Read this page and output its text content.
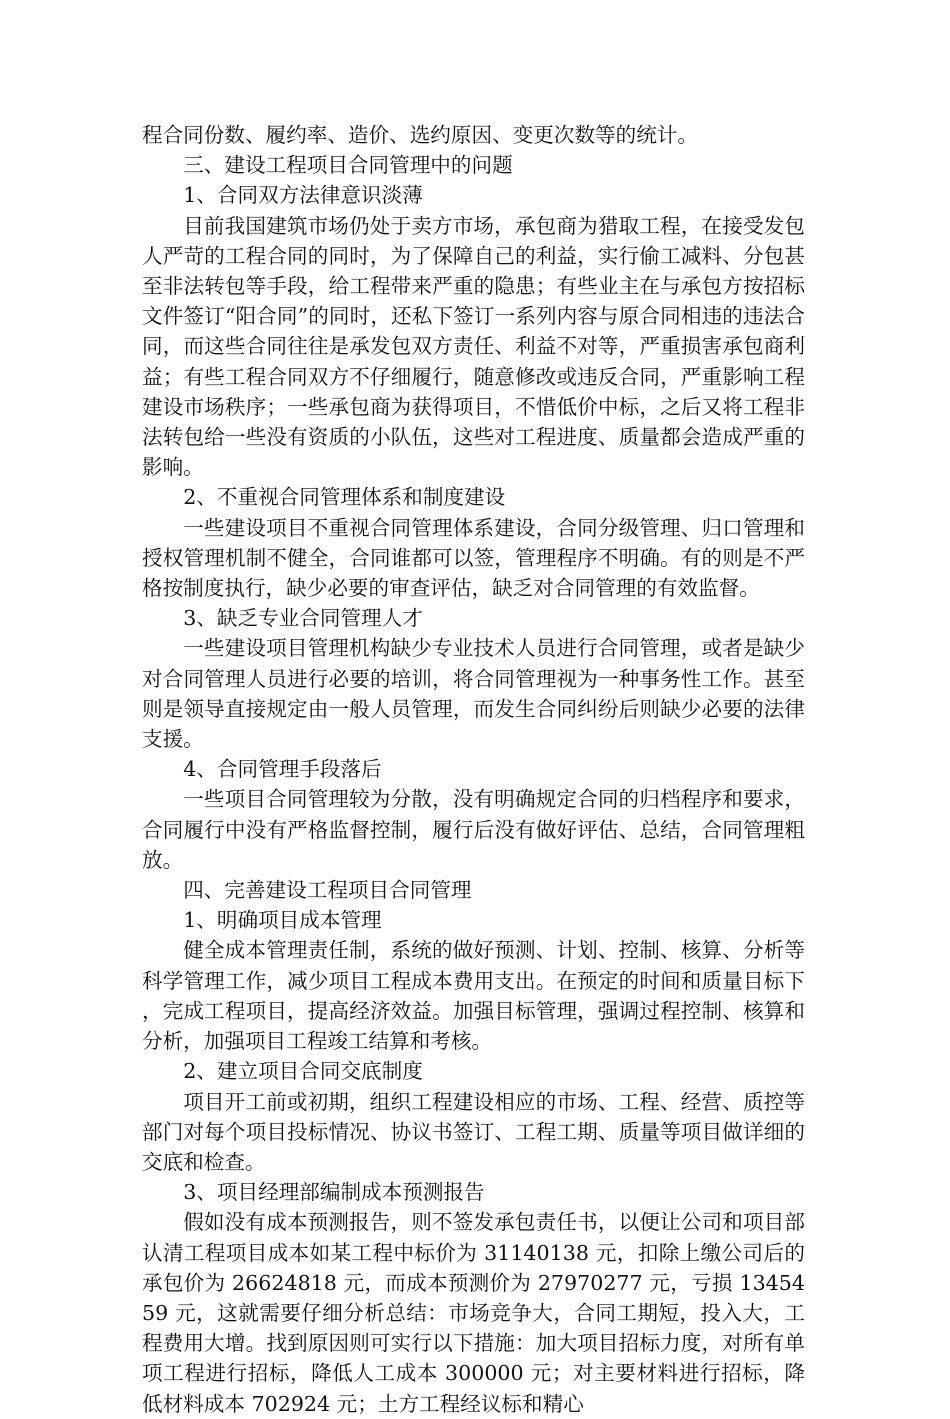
程合同份数、履约率、造价、选约原因、变更次数等的统计。

三、建设工程项目合同管理中的问题

1、合同双方法律意识淡薄

目前我国建筑市场仍处于卖方市场，承包商为猎取工程，在接受发包人严苛的工程合同的同时，为了保障自己的利益，实行偷工减料、分包甚至非法转包等手段，给工程带来严重的隐患；有些业主在与承包方按招标文件签订“阳合同”的同时，还私下签订一系列内容与原合同相违的违法合同，而这些合同往往是承发包双方责任、利益不对等，严重损害承包商利益；有些工程合同双方不仔细履行，随意修改或违反合同，严重影响工程建设市场秩序；一些承包商为获得项目，不惜低价中标，之后又将工程非法转包给一些没有资质的小队伍，这些对工程进度、质量都会造成严重的影响。

2、不重视合同管理体系和制度建设

一些建设项目不重视合同管理体系建设，合同分级管理、归口管理和授权管理机制不健全，合同谁都可以签，管理程序不明确。有的则是不严格按制度执行，缺少必要的审查评估，缺乏对合同管理的有效监督。

3、缺乏专业合同管理人才

一些建设项目管理机构缺少专业技术人员进行合同管理，或者是缺少对合同管理人员进行必要的培训，将合同管理视为一种事务性工作。甚至则是领导直接规定由一般人员管理，而发生合同纠纷后则缺少必要的法律支援。

4、合同管理手段落后

一些项目合同管理较为分散，没有明确规定合同的归档程序和要求，合同履行中没有严格监督控制，履行后没有做好评估、总结，合同管理粗放。

四、完善建设工程项目合同管理

1、明确项目成本管理

健全成本管理责任制，系统的做好预测、计划、控制、核算、分析等科学管理工作，减少项目工程成本费用支出。在预定的时间和质量目标下，完成工程项目，提高经济效益。加强目标管理，强调过程控制、核算和分析，加强项目工程竣工结算和考核。

2、建立项目合同交底制度

项目开工前或初期，组织工程建设相应的市场、工程、经营、质控等部门对每个项目投标情况、协议书签订、工程工期、质量等项目做详细的交底和检查。

3、项目经理部编制成本预测报告

假如没有成本预测报告，则不签发承包责任书，以便让公司和项目部认清工程项目成本如某工程中标价为 31140138 元，扣除上缴公司后的承包价为 26624818 元，而成本预测价为 27970277 元，亏损 1345459 元，这就需要仔细分析总结：市场竞争大，合同工期短，投入大，工程费用大增。找到原因则可实行以下措施：加大项目招标力度，对所有单项工程进行招标，降低人工成本 300000 元；对主要材料进行招标，降低材料成本 702924 元；土方工程经议标和精心
